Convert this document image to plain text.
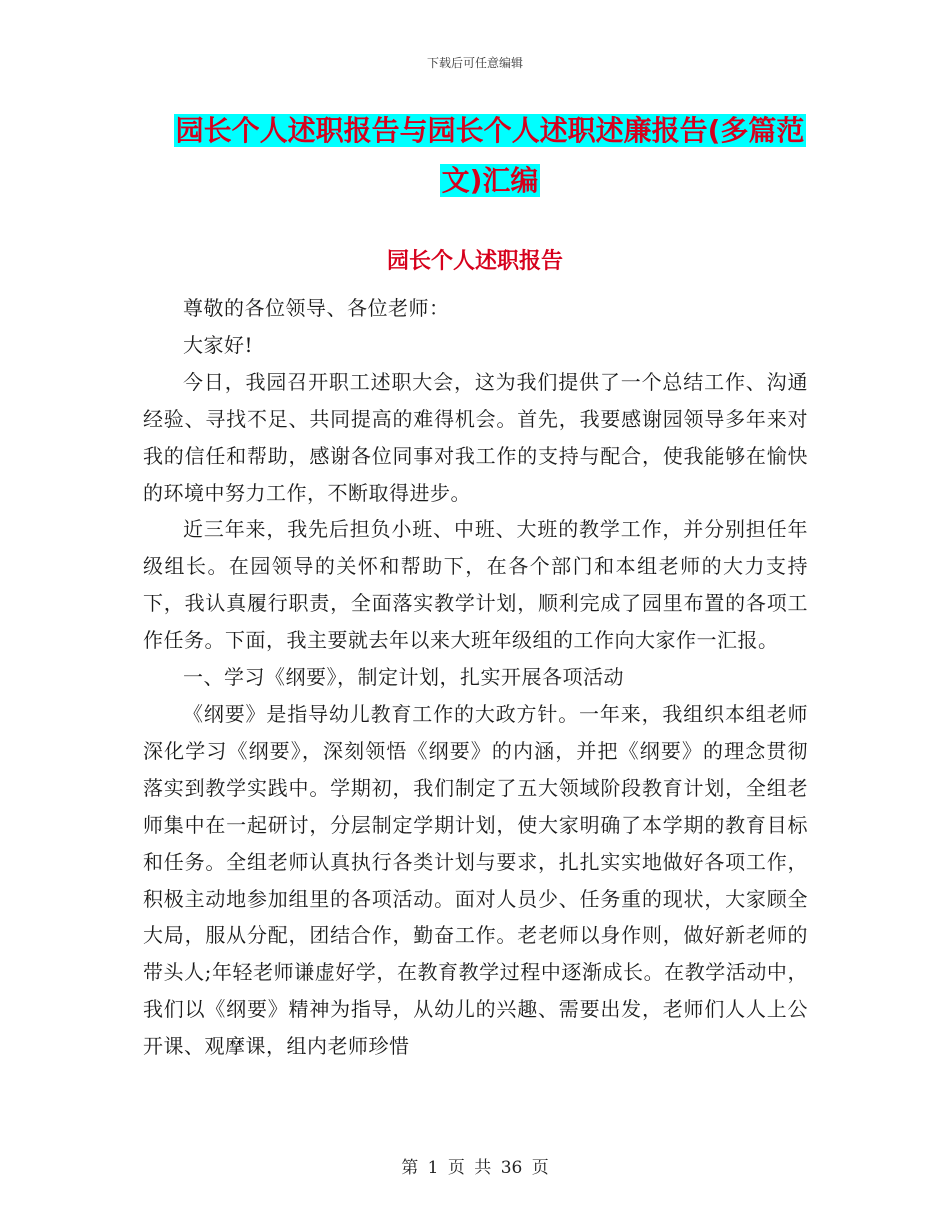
下载后可任意编辑
园长个人述职报告与园长个人述职述廉报告(多篇范
文)汇编
园长个人述职报告

尊敬的各位领导、各位老师：

大家好!

今日，我园召开职工述职大会，这为我们提供了一个总结工作、沟通经验、寻找不足、共同提高的难得机会。首先，我要感谢园领导多年来对我的信任和帮助，感谢各位同事对我工作的支持与配合，使我能够在愉快的环境中努力工作，不断取得进步。

近三年来，我先后担负小班、中班、大班的教学工作，并分别担任年级组长。在园领导的关怀和帮助下，在各个部门和本组老师的大力支持下，我认真履行职责，全面落实教学计划，顺利完成了园里布置的各项工作任务。下面，我主要就去年以来大班年级组的工作向大家作一汇报。

一、学习《纲要》，制定计划，扎实开展各项活动

《纲要》是指导幼儿教育工作的大政方针。一年来，我组织本组老师深化学习《纲要》，深刻领悟《纲要》的内涵，并把《纲要》的理念贯彻落实到教学实践中。学期初，我们制定了五大领域阶段教育计划，全组老师集中在一起研讨，分层制定学期计划，使大家明确了本学期的教育目标和任务。全组老师认真执行各类计划与要求，扎扎实实地做好各项工作，积极主动地参加组里的各项活动。面对人员少、任务重的现状，大家顾全大局，服从分配，团结合作，勤奋工作。老老师以身作则，做好新老师的带头人;年轻老师谦虚好学，在教育教学过程中逐渐成长。在教学活动中，我们以《纲要》精神为指导，从幼儿的兴趣、需要出发，老师们人人上公开课、观摩课，组内老师珍惜

第 1 页 共 36 页
